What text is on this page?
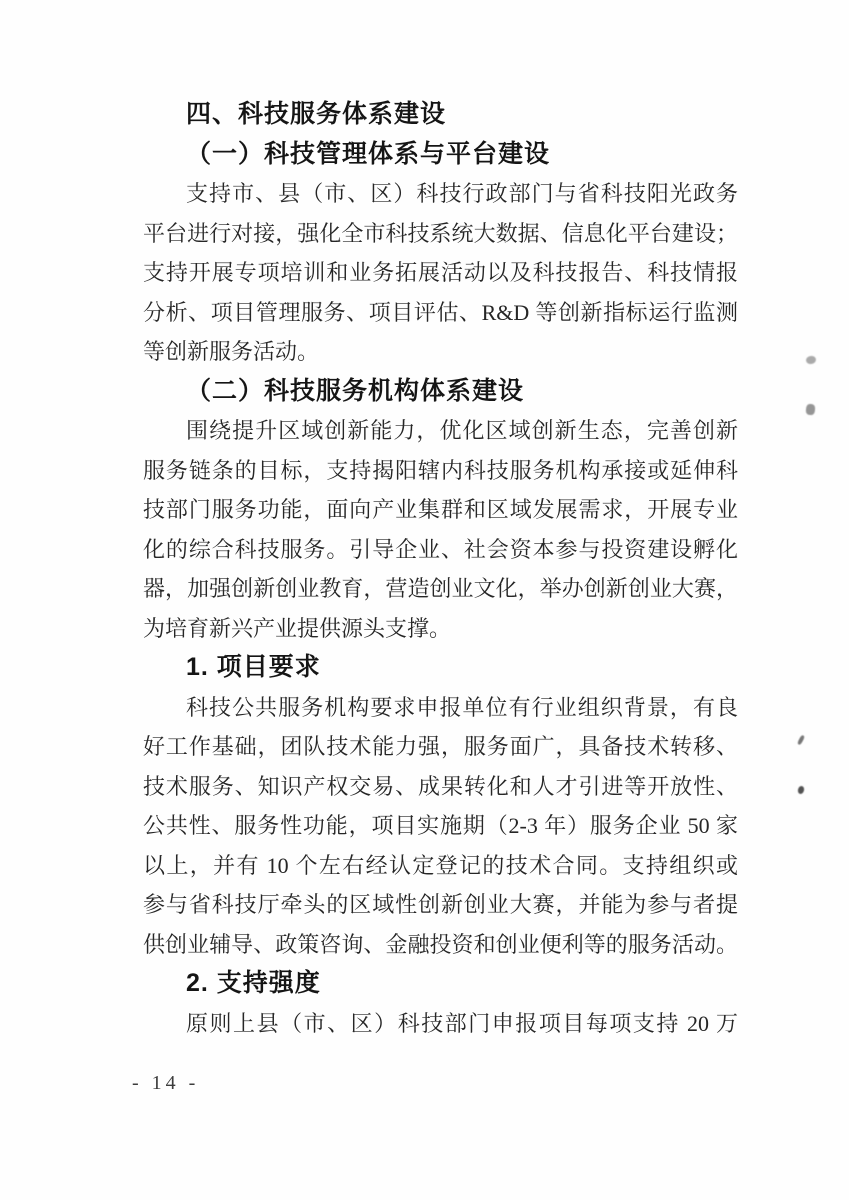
四、科技服务体系建设
（一）科技管理体系与平台建设
支持市、县（市、区）科技行政部门与省科技阳光政务
平台进行对接，强化全市科技系统大数据、信息化平台建设；
支持开展专项培训和业务拓展活动以及科技报告、科技情报
分析、项目管理服务、项目评估、R&D 等创新指标运行监测
等创新服务活动。
（二）科技服务机构体系建设
围绕提升区域创新能力，优化区域创新生态，完善创新
服务链条的目标，支持揭阳辖内科技服务机构承接或延伸科
技部门服务功能，面向产业集群和区域发展需求，开展专业
化的综合科技服务。引导企业、社会资本参与投资建设孵化
器，加强创新创业教育，营造创业文化，举办创新创业大赛，
为培育新兴产业提供源头支撑。
1. 项目要求
科技公共服务机构要求申报单位有行业组织背景，有良
好工作基础，团队技术能力强，服务面广，具备技术转移、
技术服务、知识产权交易、成果转化和人才引进等开放性、
公共性、服务性功能，项目实施期（2-3 年）服务企业 50 家
以上，并有 10 个左右经认定登记的技术合同。支持组织或
参与省科技厅牵头的区域性创新创业大赛，并能为参与者提
供创业辅导、政策咨询、金融投资和创业便利等的服务活动。
2. 支持强度
原则上县（市、区）科技部门申报项目每项支持 20 万
- 14 -
